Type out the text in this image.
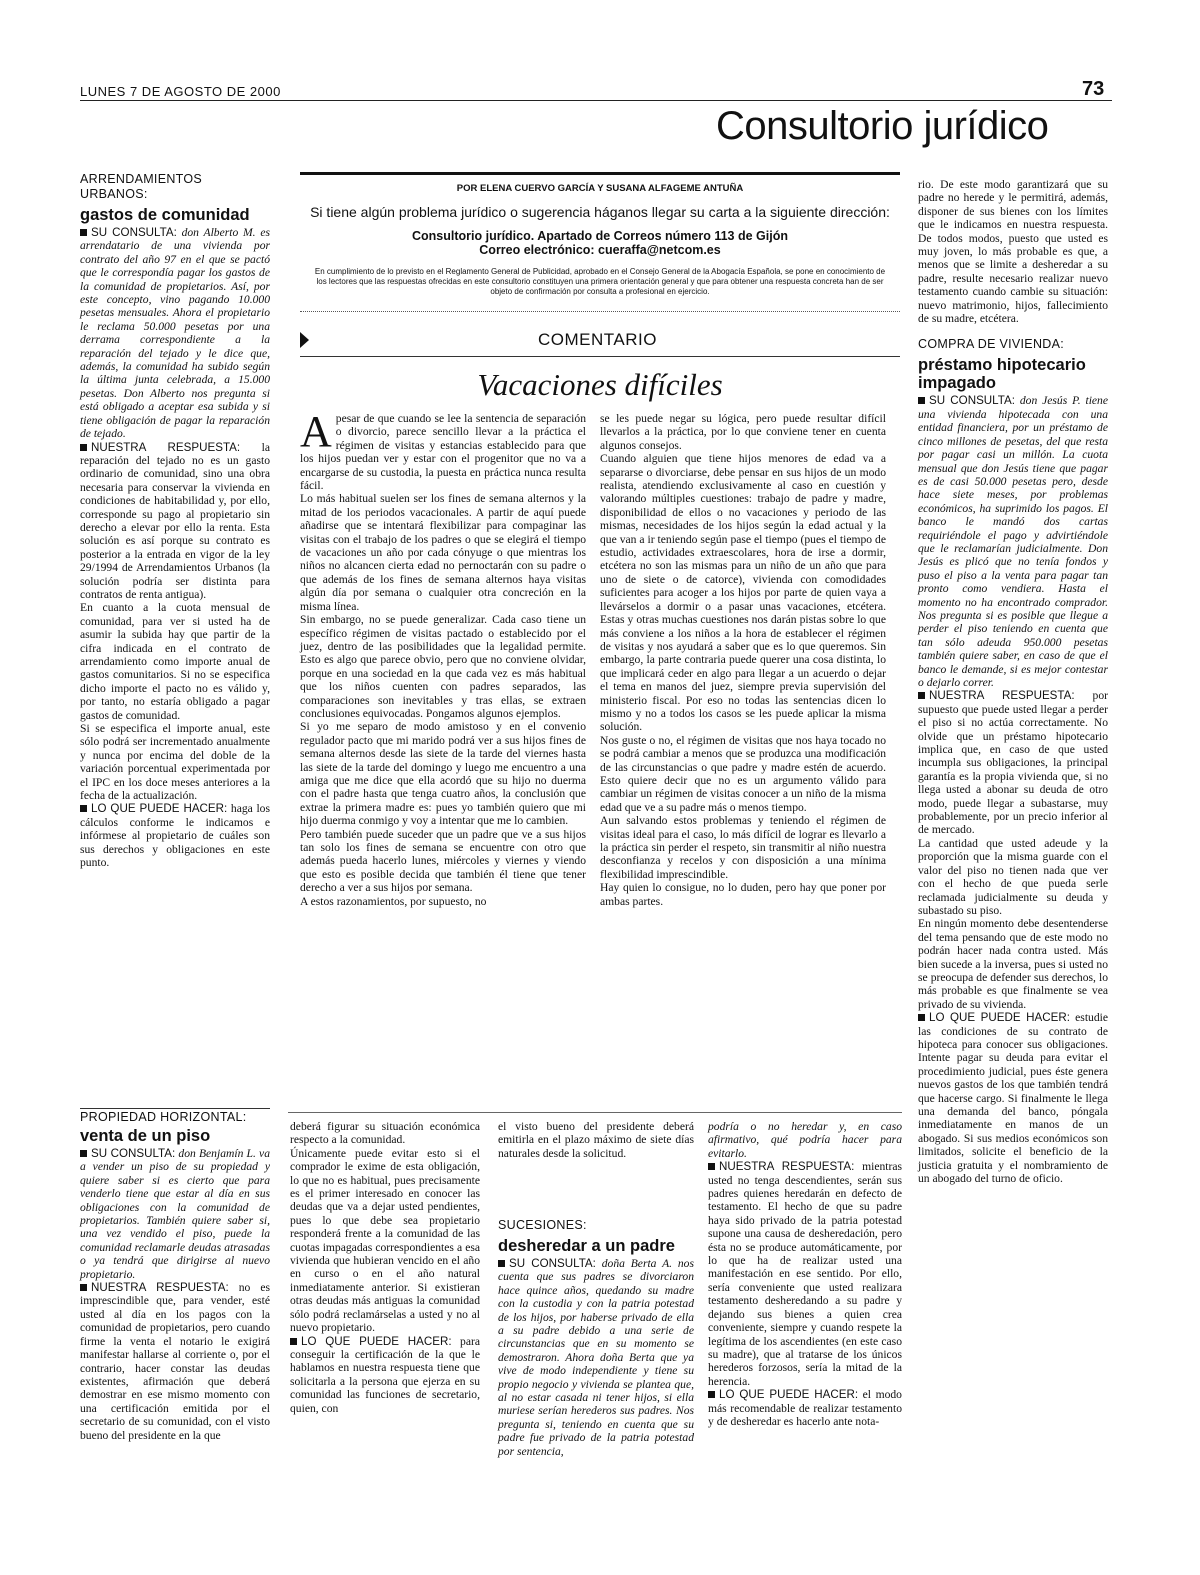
LUNES 7 DE AGOSTO DE 2000	73
Consultorio jurídico
ARRENDAMIENTOS URBANOS:
gastos de comunidad

SU CONSULTA: don Alberto M. es arrendatario de una vivienda por contrato del año 97 en el que se pactó que le correspondía pagar los gastos de la comunidad de propietarios. Así, por este concepto, vino pagando 10.000 pesetas mensuales. Ahora el propietario le reclama 50.000 pesetas por una derrama correspondiente a la reparación del tejado y le dice que, además, la comunidad ha subido según la última junta celebrada, a 15.000 pesetas. Don Alberto nos pregunta si está obligado a aceptar esa subida y si tiene obligación de pagar la reparación de tejado.

NUESTRA RESPUESTA: la reparación del tejado no es un gasto ordinario de comunidad, sino una obra necesaria para conservar la vivienda en condiciones de habitabilidad y, por ello, corresponde su pago al propietario sin derecho a elevar por ello la renta. Esta solución es así porque su contrato es posterior a la entrada en vigor de la ley 29/1994 de Arrendamientos Urbanos (la solución podría ser distinta para contratos de renta antigua).

En cuanto a la cuota mensual de comunidad, para ver si usted ha de asumir la subida hay que partir de la cifra indicada en el contrato de arrendamiento como importe anual de gastos comunitarios. Si no se especifica dicho importe el pacto no es válido y, por tanto, no estaría obligado a pagar gastos de comunidad.

Si se especifica el importe anual, este sólo podrá ser incrementado anualmente y nunca por encima del doble de la variación porcentual experimentada por el IPC en los doce meses anteriores a la fecha de la actualización.

LO QUE PUEDE HACER: haga los cálculos conforme le indicamos e infórmese al propietario de cuáles son sus derechos y obligaciones en este punto.

POR ELENA CUERVO GARCÍA Y SUSANA ALFAGEME ANTUÑA
Si tiene algún problema jurídico o sugerencia háganos llegar su carta a la siguiente dirección:
Consultorio jurídico. Apartado de Correos número 113 de Gijón
Correo electrónico: cueraffa@netcom.es
En cumplimiento de lo previsto en el Reglamento General de Publicidad, aprobado en el Consejo General de la Abogacía Española, se pone en conocimiento de los lectores que las respuestas ofrecidas en este consultorio constituyen una primera orientación general y que para obtener una respuesta concreta han de ser objeto de confirmación por consulta a profesional en ejercicio.
COMENTARIO
Vacaciones difíciles

Apesar de que cuando se lee la sentencia de separación o divorcio, parece sencillo llevar a la práctica el régimen de visitas y estancias establecido para que los hijos puedan ver y estar con el progenitor que no va a encargarse de su custodia, la puesta en práctica nunca resulta fácil.

Lo más habitual suelen ser los fines de semana alternos y la mitad de los periodos vacacionales. A partir de aquí puede añadirse que se intentará flexibilizar para compaginar las visitas con el trabajo de los padres o que se elegirá el tiempo de vacaciones un año por cada cónyuge o que mientras los niños no alcancen cierta edad no pernoctarán con su padre o que además de los fines de semana alternos haya visitas algún día por semana o cualquier otra concreción en la misma línea.

Sin embargo, no se puede generalizar. Cada caso tiene un específico régimen de visitas pactado o establecido por el juez, dentro de las posibilidades que la legalidad permite. Esto es algo que parece obvio, pero que no conviene olvidar, porque en una sociedad en la que cada vez es más habitual que los niños cuenten con padres separados, las comparaciones son inevitables y tras ellas, se extraen conclusiones equivocadas. Pongamos algunos ejemplos.

Si yo me separo de modo amistoso y en el convenio regulador pacto que mi marido podrá ver a sus hijos fines de semana alternos desde las siete de la tarde del viernes hasta las siete de la tarde del domingo y luego me encuentro a una amiga que me dice que ella acordó que su hijo no duerma con el padre hasta que tenga cuatro años, la conclusión que extrae la primera madre es: pues yo también quiero que mi hijo duerma conmigo y voy a intentar que me lo cambien.

Pero también puede suceder que un padre que ve a sus hijos tan solo los fines de semana se encuentre con otro que además pueda hacerlo lunes, miércoles y viernes y viendo que esto es posible decida que también él tiene que tener derecho a ver a sus hijos por semana.

A estos razonamientos, por supuesto, no

se les puede negar su lógica, pero puede resultar difícil llevarlos a la práctica, por lo que conviene tener en cuenta algunos consejos.

Cuando alguien que tiene hijos menores de edad va a separarse o divorciarse, debe pensar en sus hijos de un modo realista, atendiendo exclusivamente al caso en cuestión y valorando múltiples cuestiones: trabajo de padre y madre, disponibilidad de ellos o no vacaciones y periodo de las mismas, necesidades de los hijos según la edad actual y la que van a ir teniendo según pase el tiempo (pues el tiempo de estudio, actividades extraescolares, hora de irse a dormir, etcétera no son las mismas para un niño de un año que para uno de siete o de catorce), vivienda con comodidades suficientes para acoger a los hijos por parte de quien vaya a llevárselos a dormir o a pasar unas vacaciones, etcétera. Estas y otras muchas cuestiones nos darán pistas sobre lo que más conviene a los niños a la hora de establecer el régimen de visitas y nos ayudará a saber que es lo que queremos. Sin embargo, la parte contraria puede querer una cosa distinta, lo que implicará ceder en algo para llegar a un acuerdo o dejar el tema en manos del juez, siempre previa supervisión del ministerio fiscal. Por eso no todas las sentencias dicen lo mismo y no a todos los casos se les puede aplicar la misma solución.

Nos guste o no, el régimen de visitas que nos haya tocado no se podrá cambiar a menos que se produzca una modificación de las circunstancias o que padre y madre estén de acuerdo. Esto quiere decir que no es un argumento válido para cambiar un régimen de visitas conocer a un niño de la misma edad que ve a su padre más o menos tiempo.

Aun salvando estos problemas y teniendo el régimen de visitas ideal para el caso, lo más difícil de lograr es llevarlo a la práctica sin perder el respeto, sin transmitir al niño nuestra desconfianza y recelos y con disposición a una mínima flexibilidad imprescindible.

Hay quien lo consigue, no lo duden, pero hay que poner por ambas partes.

rio. De este modo garantizará que su padre no herede y le permitirá, además, disponer de sus bienes con los límites que le indicamos en nuestra respuesta. De todos modos, puesto que usted es muy joven, lo más probable es que, a menos que se limite a desheredar a su padre, resulte necesario realizar nuevo testamento cuando cambie su situación: nuevo matrimonio, hijos, fallecimiento de su madre, etcétera.
COMPRA DE VIVIENDA:
préstamo hipotecario impagado

SU CONSULTA: don Jesús P. tiene una vivienda hipotecada con una entidad financiera, por un préstamo de cinco millones de pesetas, del que resta por pagar casi un millón. La cuota mensual que don Jesús tiene que pagar es de casi 50.000 pesetas pero, desde hace siete meses, por problemas económicos, ha suprimido los pagos. El banco le mandó dos cartas requiriéndole el pago y advirtiéndole que le reclamarían judicialmente. Don Jesús es plicó que no tenía fondos y puso el piso a la venta para pagar tan pronto como vendiera. Hasta el momento no ha encontrado comprador. Nos pregunta si es posible que llegue a perder el piso teniendo en cuenta que tan sólo adeuda 950.000 pesetas también quiere saber, en caso de que el banco le demande, si es mejor contestar o dejarlo correr.

NUESTRA RESPUESTA: por supuesto que puede usted llegar a perder el piso si no actúa correctamente. No olvide que un préstamo hipotecario implica que, en caso de que usted incumpla sus obligaciones, la principal garantía es la propia vivienda que, si no llega usted a abonar su deuda de otro modo, puede llegar a subastarse, muy probablemente, por un precio inferior al de mercado.

La cantidad que usted adeude y la proporción que la misma guarde con el valor del piso no tienen nada que ver con el hecho de que pueda serle reclamada judicialmente su deuda y subastado su piso.

En ningún momento debe desentenderse del tema pensando que de este modo no podrán hacer nada contra usted. Más bien sucede a la inversa, pues si usted no se preocupa de defender sus derechos, lo más probable es que finalmente se vea privado de su vivienda.

LO QUE PUEDE HACER: estudie las condiciones de su contrato de hipoteca para conocer sus obligaciones. Intente pagar su deuda para evitar el procedimiento judicial, pues éste genera nuevos gastos de los que también tendrá que hacerse cargo. Si finalmente le llega una demanda del banco, póngala inmediatamente en manos de un abogado. Si sus medios económicos son limitados, solicite el beneficio de la justicia gratuita y el nombramiento de un abogado del turno de oficio.

PROPIEDAD HORIZONTAL:
venta de un piso

SU CONSULTA: don Benjamín L. va a vender un piso de su propiedad y quiere saber si es cierto que para venderlo tiene que estar al día en sus obligaciones con la comunidad de propietarios. También quiere saber si, una vez vendido el piso, puede la comunidad reclamarle deudas atrasadas o ya tendrá que dirigirse al nuevo propietario.

NUESTRA RESPUESTA: no es imprescindible que, para vender, esté usted al día en los pagos con la comunidad de propietarios, pero cuando firme la venta el notario le exigirá manifestar hallarse al corriente o, por el contrario, hacer constar las deudas existentes, afirmación que deberá demostrar en ese mismo momento con una certificación emitida por el secretario de su comunidad, con el visto bueno del presidente en la que

deberá figurar su situación económica respecto a la comunidad.

Únicamente puede evitar esto si el comprador le exime de esta obligación, lo que no es habitual, pues precisamente es el primer interesado en conocer las deudas que va a dejar usted pendientes, pues lo que debe sea propietario responderá frente a la comunidad de las cuotas impagadas correspondientes a esa vivienda que hubieran vencido en el año en curso o en el año natural inmediatamente anterior. Si existieran otras deudas más antiguas la comunidad sólo podrá reclamárselas a usted y no al nuevo propietario.

LO QUE PUEDE HACER: para conseguir la certificación de la que le hablamos en nuestra respuesta tiene que solicitarla a la persona que ejerza en su comunidad las funciones de secretario, quien, con

el visto bueno del presidente deberá emitirla en el plazo máximo de siete días naturales desde la solicitud.

SUCESIONES:
desheredar a un padre

SU CONSULTA: doña Berta A. nos cuenta que sus padres se divorciaron hace quince años, quedando su madre con la custodia y con la patria potestad de los hijos, por haberse privado de ella a su padre debido a una serie de circunstancias que en su momento se demostraron. Ahora doña Berta que ya vive de modo independiente y tiene su propio negocio y vivienda se plantea que, al no estar casada ni tener hijos, si ella muriese serían herederos sus padres. Nos pregunta si, teniendo en cuenta que su padre fue privado de la patria potestad por sentencia,

podría o no heredar y, en caso afirmativo, qué podría hacer para evitarlo.

NUESTRA RESPUESTA: mientras usted no tenga descendientes, serán sus padres quienes heredarán en defecto de testamento. El hecho de que su padre haya sido privado de la patria potestad supone una causa de desheredación, pero ésta no se produce automáticamente, por lo que ha de realizar usted una manifestación en ese sentido. Por ello, sería conveniente que usted realizara testamento desheredando a su padre y dejando sus bienes a quien crea conveniente, siempre y cuando respete la legítima de los ascendientes (en este caso su madre), que al tratarse de los únicos herederos forzosos, sería la mitad de la herencia.

LO QUE PUEDE HACER: el modo más recomendable de realizar testamento y de desheredar es hacerlo ante nota-
